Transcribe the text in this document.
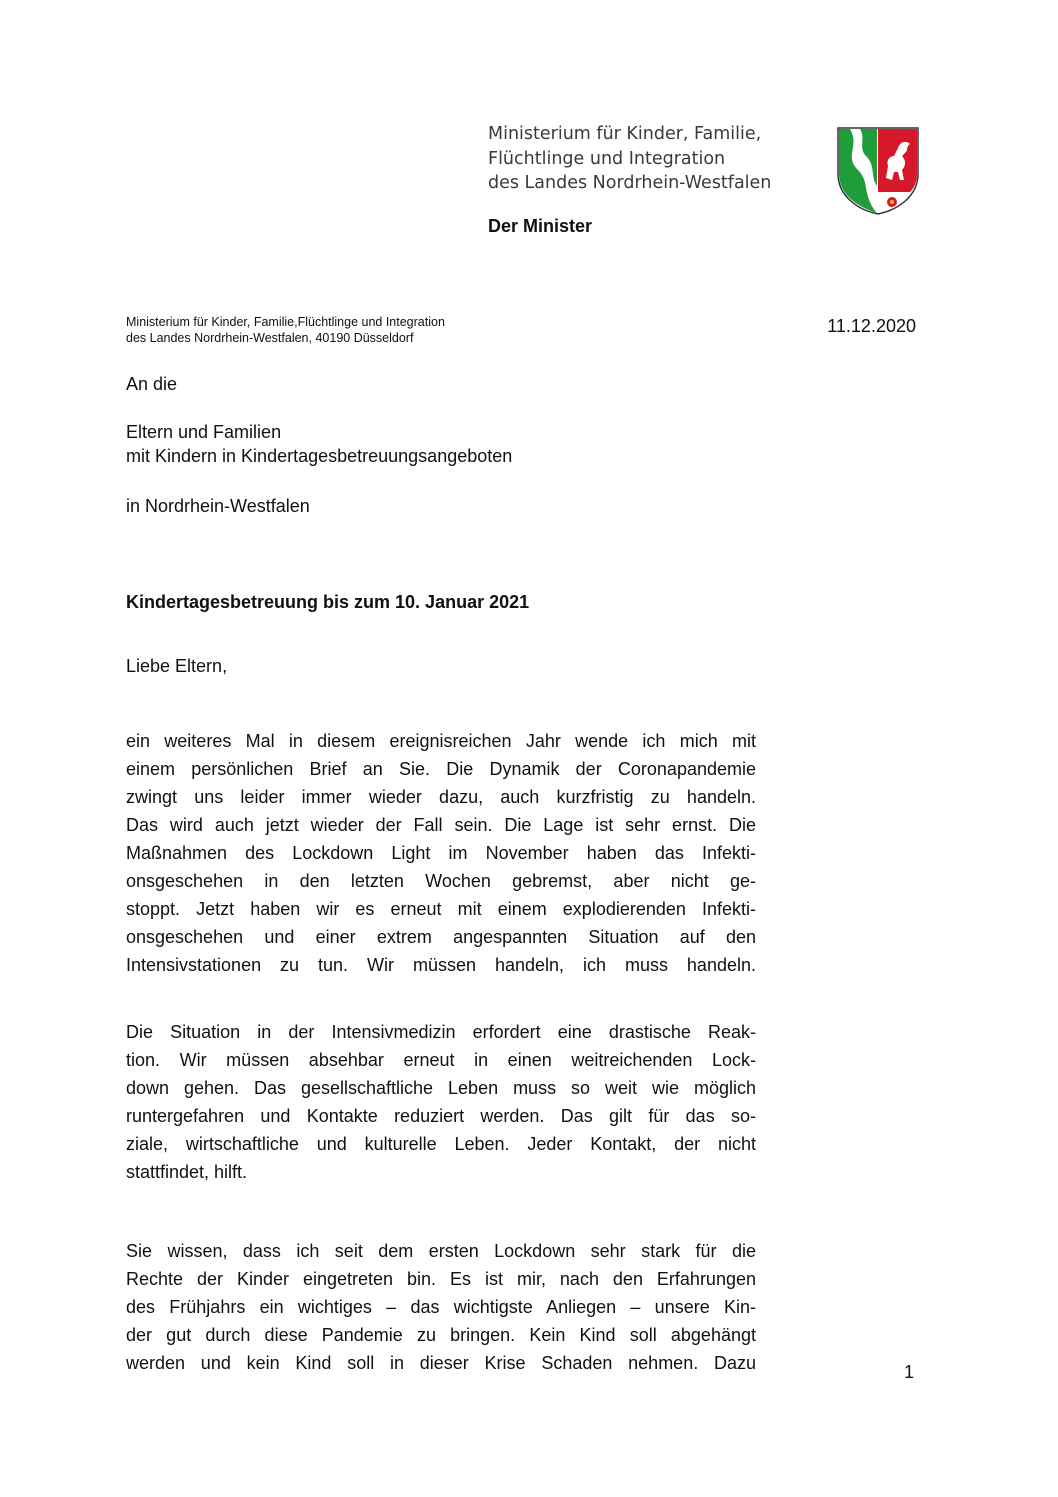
Ministerium für Kinder, Familie,
Flüchtlinge und Integration
des Landes Nordrhein-Westfalen
Der Minister
Ministerium für Kinder, Familie,Flüchtlinge und Integration
des Landes Nordrhein-Westfalen, 40190 Düsseldorf
11.12.2020
An die
Eltern und Familien
mit Kindern in Kindertagesbetreuungsangeboten
in Nordrhein-Westfalen
Kindertagesbetreuung bis zum 10. Januar 2021
Liebe Eltern,
ein weiteres Mal in diesem ereignisreichen Jahr wende ich mich mit
einem persönlichen Brief an Sie. Die Dynamik der Coronapandemie
zwingt uns leider immer wieder dazu, auch kurzfristig zu handeln.
Das wird auch jetzt wieder der Fall sein. Die Lage ist sehr ernst. Die
Maßnahmen des Lockdown Light im November haben das Infekti-
onsgeschehen in den letzten Wochen gebremst, aber nicht ge-
stoppt. Jetzt haben wir es erneut mit einem explodierenden Infekti-
onsgeschehen und einer extrem angespannten Situation auf den
Intensivstationen zu tun. Wir müssen handeln, ich muss handeln.
Die Situation in der Intensivmedizin erfordert eine drastische Reak-
tion. Wir müssen absehbar erneut in einen weitreichenden Lock-
down gehen. Das gesellschaftliche Leben muss so weit wie möglich
runtergefahren und Kontakte reduziert werden. Das gilt für das so-
ziale, wirtschaftliche und kulturelle Leben. Jeder Kontakt, der nicht
stattfindet, hilft.
Sie wissen, dass ich seit dem ersten Lockdown sehr stark für die
Rechte der Kinder eingetreten bin. Es ist mir, nach den Erfahrungen
des Frühjahrs ein wichtiges – das wichtigste Anliegen – unsere Kin-
der gut durch diese Pandemie zu bringen. Kein Kind soll abgehängt
werden und kein Kind soll in dieser Krise Schaden nehmen. Dazu	1
